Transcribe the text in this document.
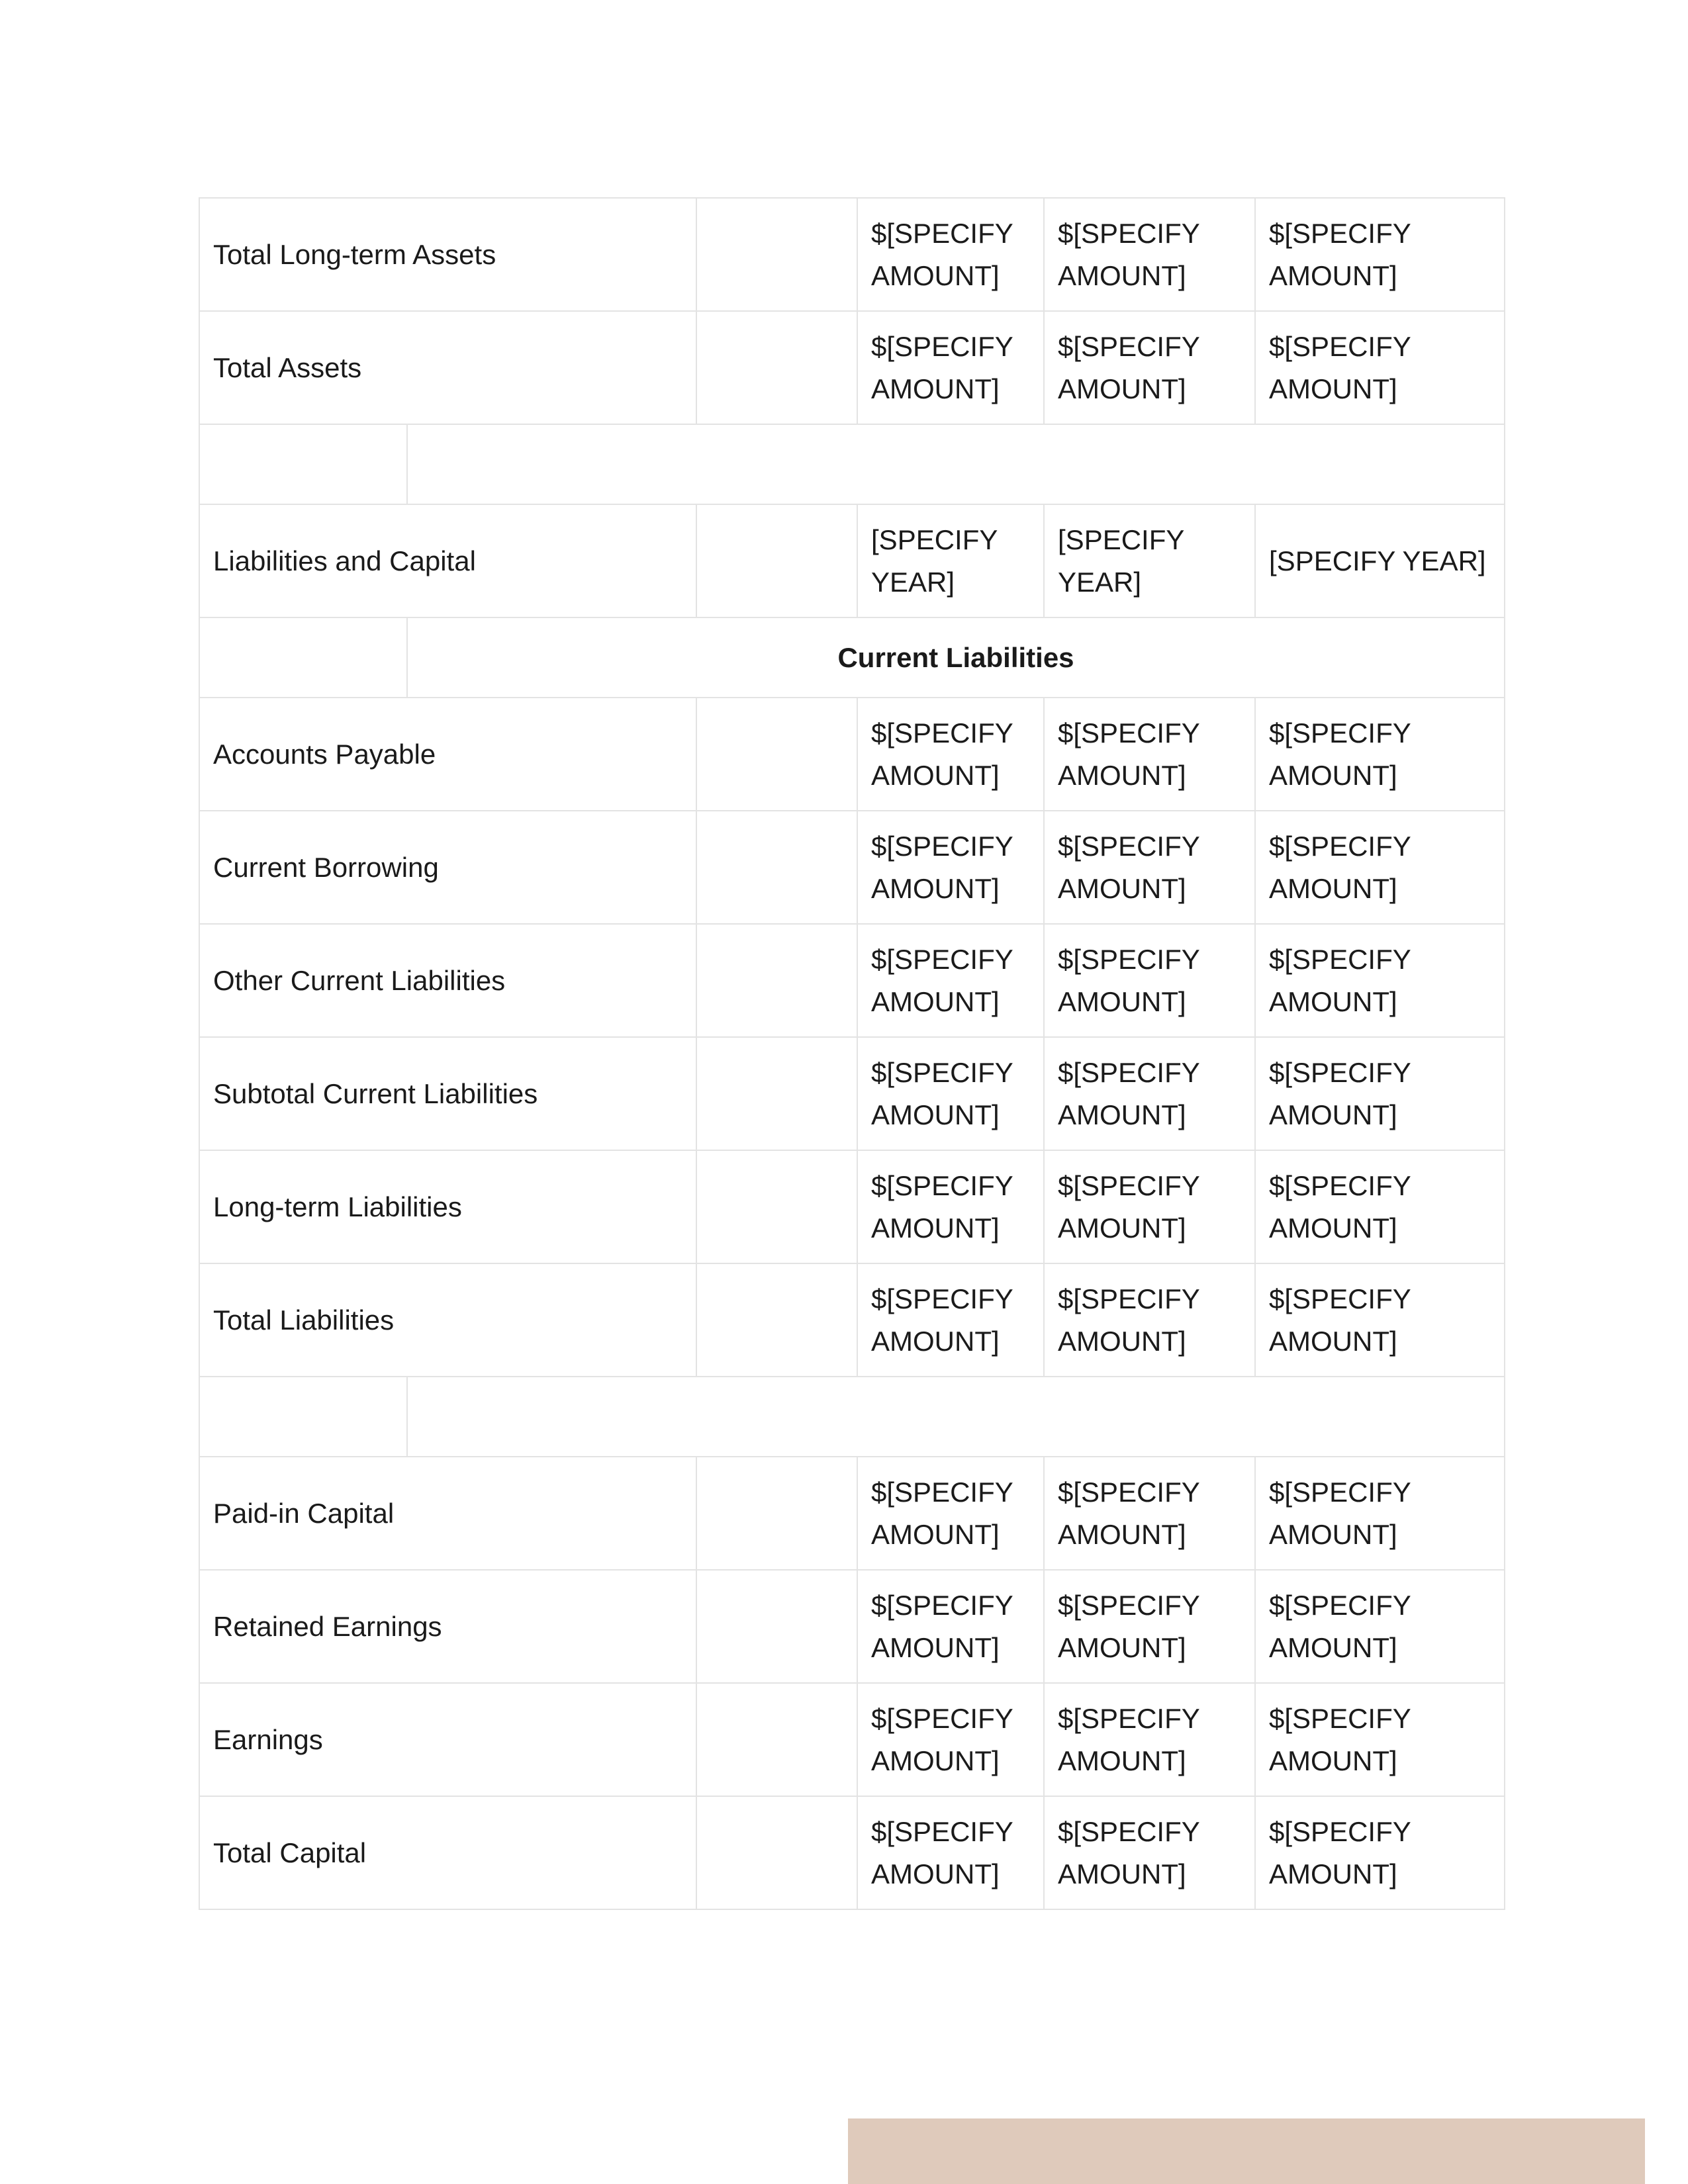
Total Long-term Assets			$[SPECIFY AMOUNT]	$[SPECIFY AMOUNT]	$[SPECIFY AMOUNT]
Total Assets			$[SPECIFY AMOUNT]	$[SPECIFY AMOUNT]	$[SPECIFY AMOUNT]

Liabilities and Capital			[SPECIFY YEAR]	[SPECIFY YEAR]	[SPECIFY YEAR]
	Current Liabilities				
Accounts Payable			$[SPECIFY AMOUNT]	$[SPECIFY AMOUNT]	$[SPECIFY AMOUNT]
Current Borrowing			$[SPECIFY AMOUNT]	$[SPECIFY AMOUNT]	$[SPECIFY AMOUNT]
Other Current Liabilities			$[SPECIFY AMOUNT]	$[SPECIFY AMOUNT]	$[SPECIFY AMOUNT]
Subtotal Current Liabilities			$[SPECIFY AMOUNT]	$[SPECIFY AMOUNT]	$[SPECIFY AMOUNT]
Long-term Liabilities			$[SPECIFY AMOUNT]	$[SPECIFY AMOUNT]	$[SPECIFY AMOUNT]
Total Liabilities			$[SPECIFY AMOUNT]	$[SPECIFY AMOUNT]	$[SPECIFY AMOUNT]

Paid-in Capital			$[SPECIFY AMOUNT]	$[SPECIFY AMOUNT]	$[SPECIFY AMOUNT]
Retained Earnings			$[SPECIFY AMOUNT]	$[SPECIFY AMOUNT]	$[SPECIFY AMOUNT]
Earnings			$[SPECIFY AMOUNT]	$[SPECIFY AMOUNT]	$[SPECIFY AMOUNT]
Total Capital			$[SPECIFY AMOUNT]	$[SPECIFY AMOUNT]	$[SPECIFY AMOUNT]
